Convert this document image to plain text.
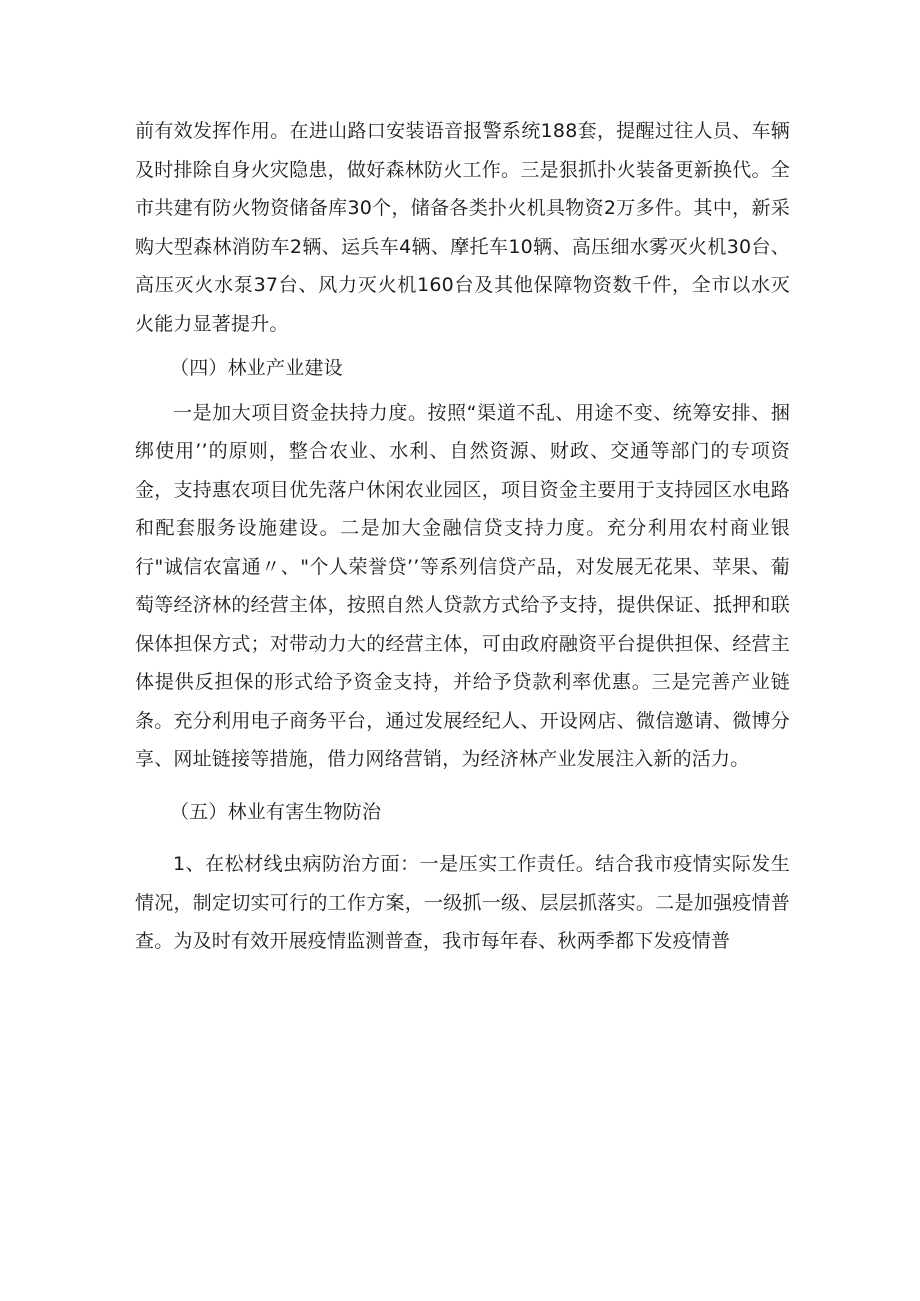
前有效发挥作用。在进山路口安装语音报警系统188套，提醒过往人员、车辆及时排除自身火灾隐患，做好森林防火工作。三是狠抓扑火装备更新换代。全市共建有防火物资储备库30个，储备各类扑火机具物资2万多件。其中，新采购大型森林消防车2辆、运兵车4辆、摩托车10辆、高压细水雾灭火机30台、高压灭火水泵37台、风力灭火机160台及其他保障物资数千件，全市以水灭火能力显著提升。

（四）林业产业建设

一是加大项目资金扶持力度。按照“渠道不乱、用途不变、统筹安排、捆绑使用’’的原则，整合农业、水利、自然资源、财政、交通等部门的专项资金，支持惠农项目优先落户休闲农业园区，项目资金主要用于支持园区水电路和配套服务设施建设。二是加大金融信贷支持力度。充分利用农村商业银行"诚信农富通〃、"个人荣誉贷’’等系列信贷产品，对发展无花果、苹果、葡萄等经济林的经营主体，按照自然人贷款方式给予支持，提供保证、抵押和联保体担保方式；对带动力大的经营主体，可由政府融资平台提供担保、经营主体提供反担保的形式给予资金支持，并给予贷款利率优惠。三是完善产业链条。充分利用电子商务平台，通过发展经纪人、开设网店、微信邀请、微博分享、网址链接等措施，借力网络营销，为经济林产业发展注入新的活力。

（五）林业有害生物防治

1、在松材线虫病防治方面：一是压实工作责任。结合我市疫情实际发生情况，制定切实可行的工作方案，一级抓一级、层层抓落实。二是加强疫情普查。为及时有效开展疫情监测普查，我市每年春、秋两季都下发疫情普
